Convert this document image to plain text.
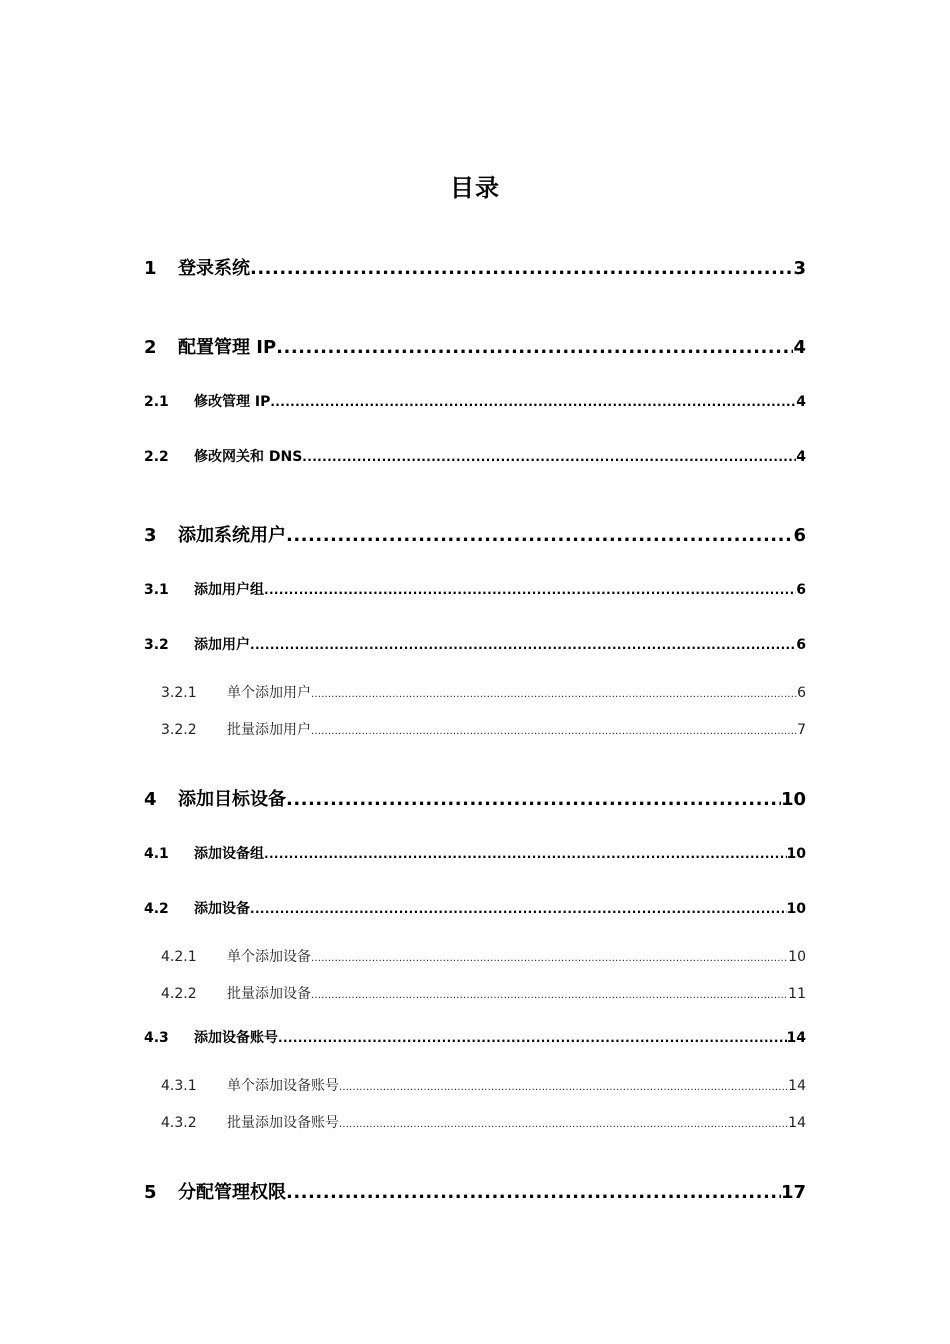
目录
1	登录系统 .....	3
2	配置管理 IP .....	4
2.1	修改管理 IP .....	4
2.2	修改网关和 DNS .....	4
3	添加系统用户 .....	6
3.1	添加用户组 .....	6
3.2	添加用户 .....	6
3.2.1	单个添加用户 .....	6
3.2.2	批量添加用户 .....	7
4	添加目标设备 .....	10
4.1	添加设备组 .....	10
4.2	添加设备 .....	10
4.2.1	单个添加设备 .....	10
4.2.2	批量添加设备 .....	11
4.3	添加设备账号 .....	14
4.3.1	单个添加设备账号 .....	14
4.3.2	批量添加设备账号 .....	14
5	分配管理权限 .....	17
